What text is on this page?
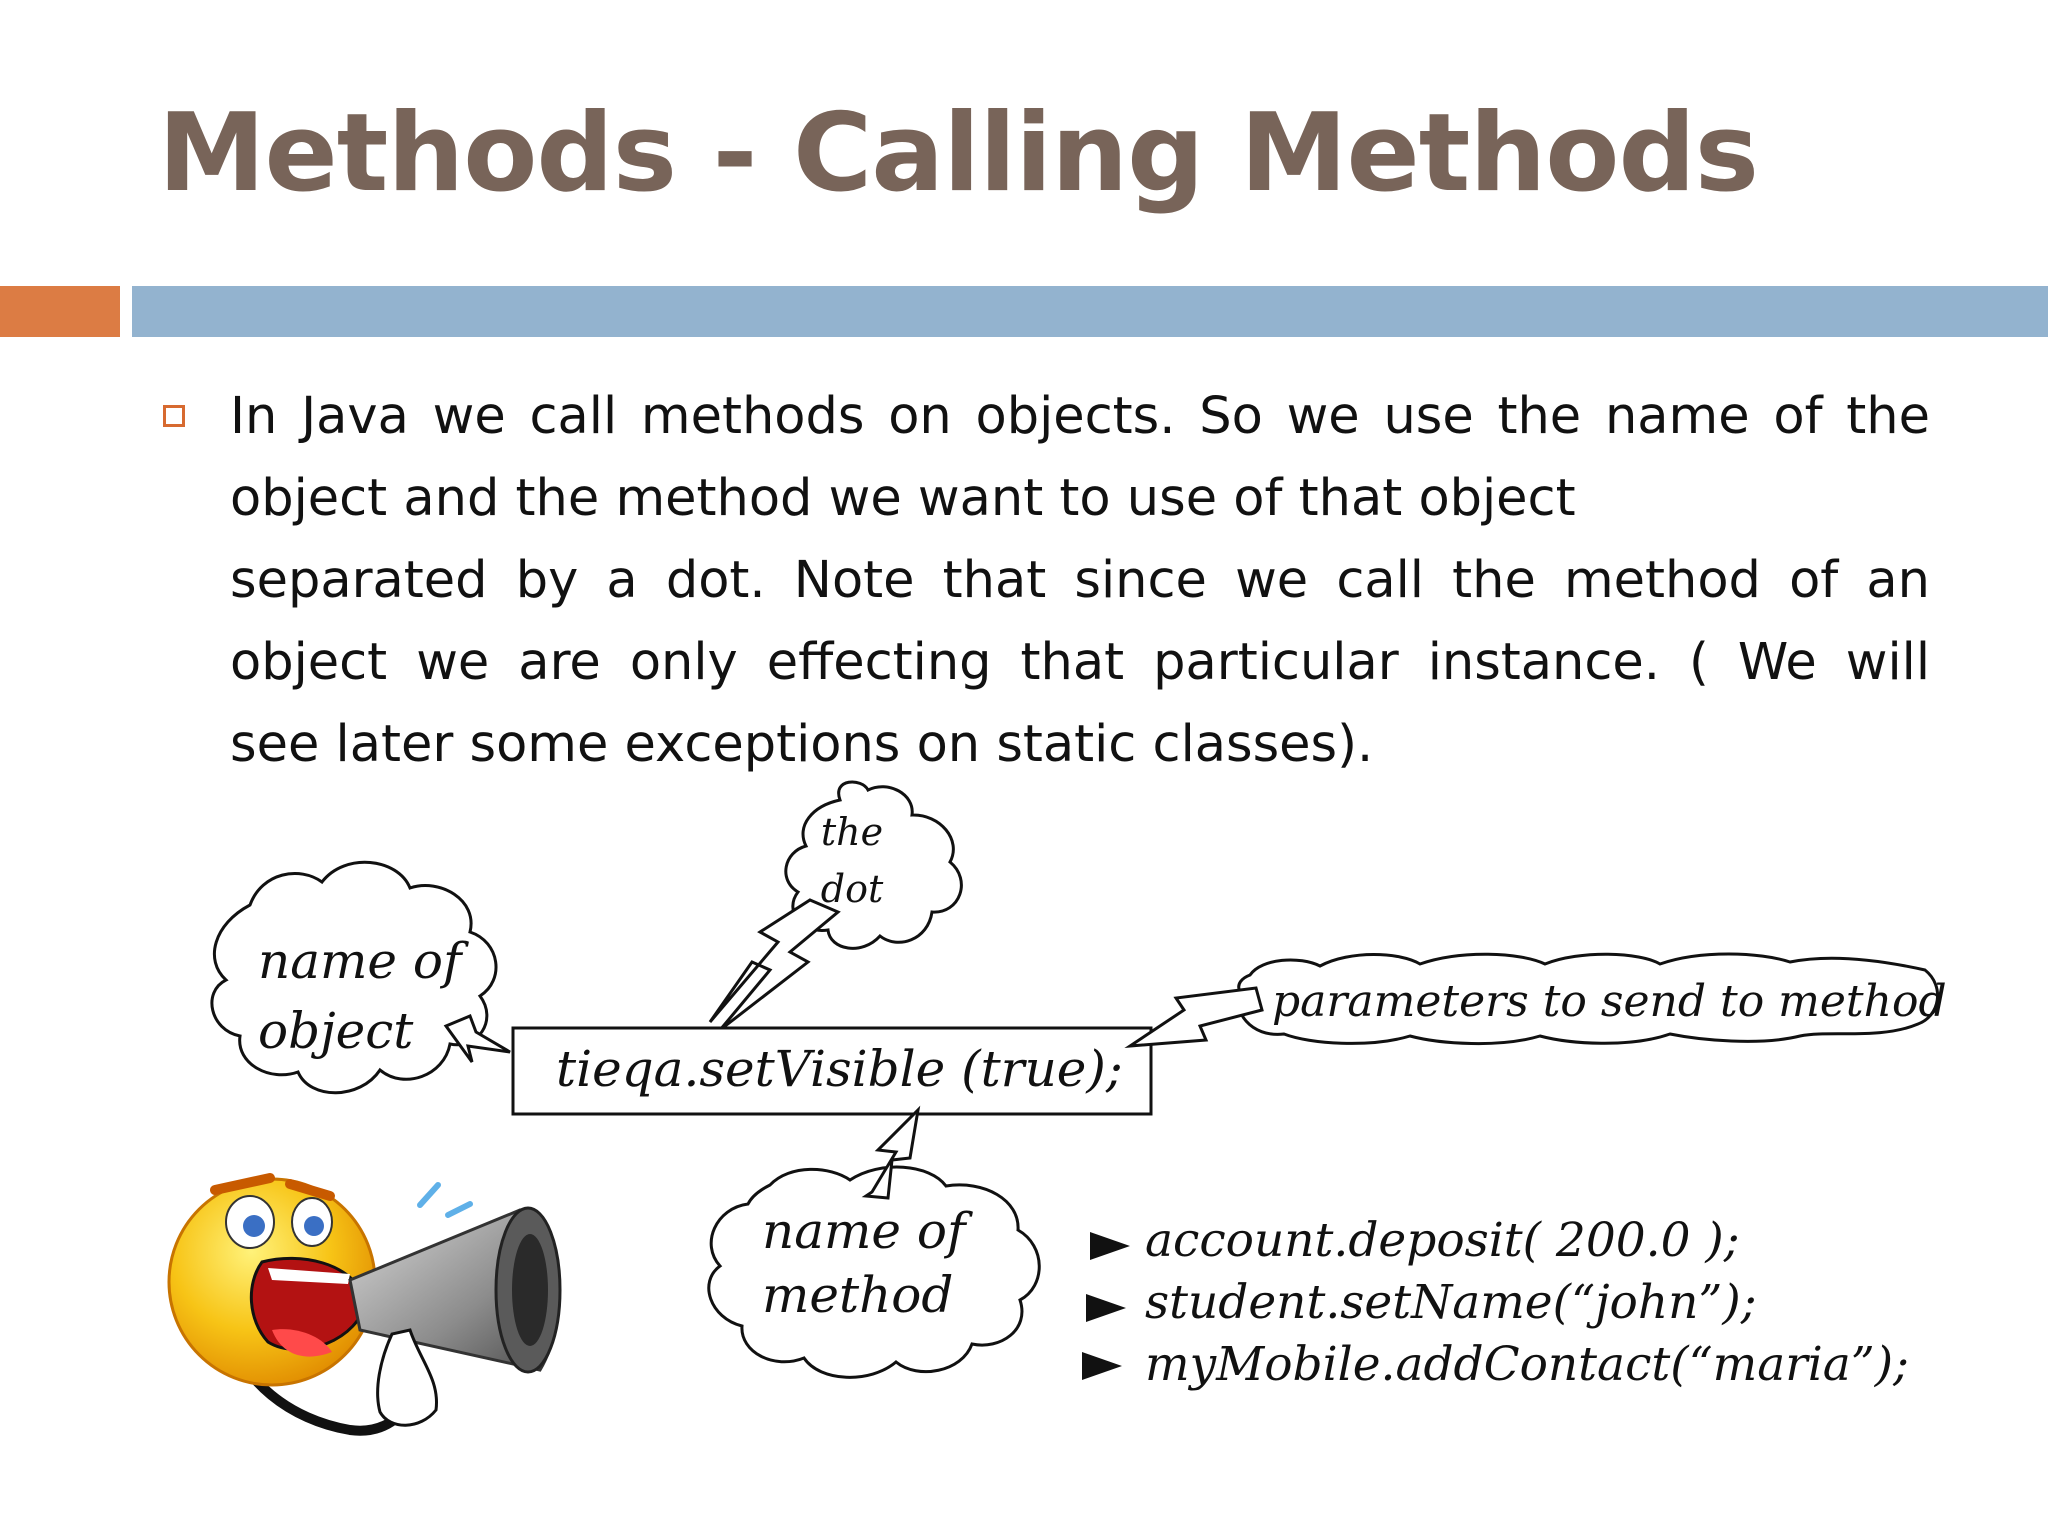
Methods - Calling Methods
In Java we call methods on objects. So we use the name of the
object and the method we want to use of that object
separated by a dot. Note that since we call the method of an
object we are only effecting that particular instance. ( We will
see later some exceptions on static classes).
the
dot
name of
object
tieqa.setVisible (true);
parameters to send to method
name of
method
account.deposit( 200.0 );
student.setName(“john”);
myMobile.addContact(“maria”);
